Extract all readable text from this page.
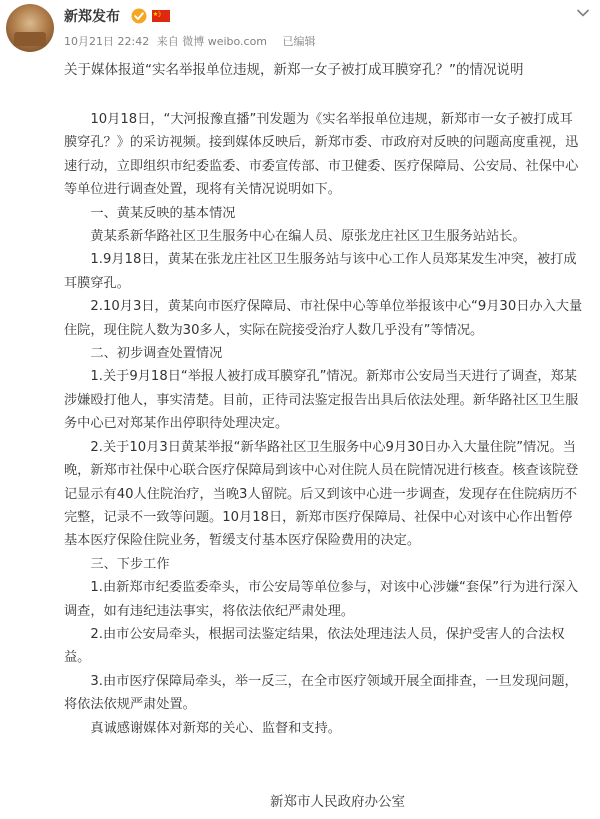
新郑发布
10月21日 22:42 来自 微博 weibo.com 已编辑
关于媒体报道“实名举报单位违规，新郑一女子被打成耳膜穿孔？”的情况说明

10月18日，“大河报豫直播”刊发题为《实名举报单位违规，新郑市一女子被打成耳膜穿孔？》的采访视频。接到媒体反映后，新郑市委、市政府对反映的问题高度重视，迅速行动，立即组织市纪委监委、市委宣传部、市卫健委、医疗保障局、公安局、社保中心等单位进行调查处置，现将有关情况说明如下。

一、黄某反映的基本情况

黄某系新华路社区卫生服务中心在编人员、原张龙庄社区卫生服务站站长。

1.9月18日，黄某在张龙庄社区卫生服务站与该中心工作人员郑某发生冲突，被打成耳膜穿孔。

2.10月3日，黄某向市医疗保障局、市社保中心等单位举报该中心“9月30日办入大量住院，现住院人数为30多人，实际在院接受治疗人数几乎没有”等情况。

二、初步调查处置情况

1.关于9月18日“举报人被打成耳膜穿孔”情况。新郑市公安局当天进行了调查，郑某涉嫌殴打他人，事实清楚。目前，正待司法鉴定报告出具后依法处理。新华路社区卫生服务中心已对郑某作出停职待处理决定。

2.关于10月3日黄某举报“新华路社区卫生服务中心9月30日办入大量住院”情况。当晚，新郑市社保中心联合医疗保障局到该中心对住院人员在院情况进行核查。核查该院登记显示有40人住院治疗，当晚3人留院。后又到该中心进一步调查，发现存在住院病历不完整，记录不一致等问题。10月18日，新郑市医疗保障局、社保中心对该中心作出暂停基本医疗保险住院业务，暂缓支付基本医疗保险费用的决定。

三、下步工作

1.由新郑市纪委监委牵头，市公安局等单位参与，对该中心涉嫌“套保”行为进行深入调查，如有违纪违法事实，将依法依纪严肃处理。

2.由市公安局牵头，根据司法鉴定结果，依法处理违法人员，保护受害人的合法权益。

3.由市医疗保障局牵头，举一反三，在全市医疗领域开展全面排查，一旦发现问题，将依法依规严肃处置。

真诚感谢媒体对新郑的关心、监督和支持。

新郑市人民政府办公室
